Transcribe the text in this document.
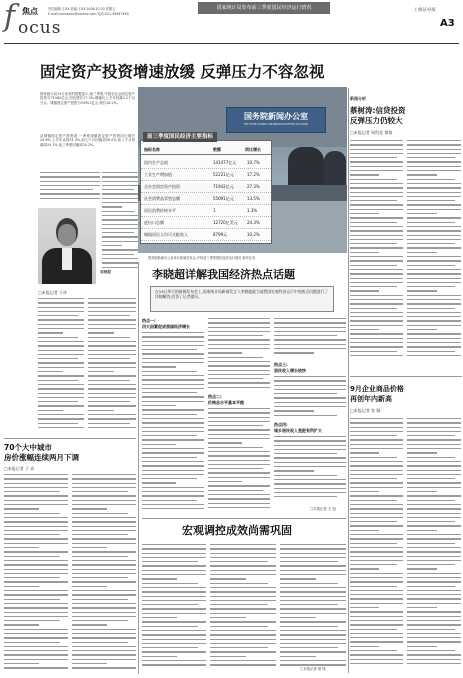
f 焦点
ocus
责任编辑:王XX 美编:王XX 2006.10.20 星期五
E-mail:xxxxxxxx@xxxxxx.com 电话:021-38967XXX
国家统计局发布前三季度国民经济运行情况	上海证券报
A3
固定资产投资增速放缓 反弹压力不容忽视
国家统计局19日发布的数据显示,前三季度,中国全社会固定资产投资为71942亿元,同比增长27.3%,增幅比上半年回落3.2个百分点。城镇固定资产投资为59902亿元,增长28.2%。
从城镇固定资产投资看,一季度城镇固定资产投资同比增长29.8%,上半年达到31.3%,前七个月回落到30.5%,前八个月回落到29.1%,前三季度回落到28.2%。
国务院新闻办公室
THE STATE COUNCIL INFORMATION OFFICE, P.R.CHINA
前三季度国民经济主要指标
指标名称	数额	同比增长
国内生产总值	141477亿元	10.7%
工业生产增加值	52221亿元	17.2%
全社会固定资产投资	71942亿元	27.3%
社会消费品零售总额	55091亿元	13.5%
居民消费价格水平	1	1.3%
进出口总额	12720亿美元 24.3%
城镇居民人均可支配收入	8799元	10.2%
国务院新闻办公室举行新闻发布会,介绍前三季度国民经济运行情况 新华社发
新闻分析
蔡树涛:信贷投资
反弹压力仍较大
□本报记者 周科竞 谭倩
9月企业商品价格
再创年内新高
□本报记者 张 顺
李晓超
□本报记者 于祥
70个大中城市
房价涨幅连续两月下调
□本报记者 于 祥
李晓超详解我国经济热点话题
在19日举行的新闻发布会上,国家统计局新闻发言人李晓超就当前我国宏观经济运行中的热点问题进行了详细解答,回答了记者提问。
热点一:
四大因素促成我国经济增长
热点二:
价格总水平基本平稳
热点三:
居民收入增长较快
热点四:
城乡居民收入差距有所扩大
□本报记者 王 旭
宏观调控成效尚需巩固
□本报记者 薛 镁
